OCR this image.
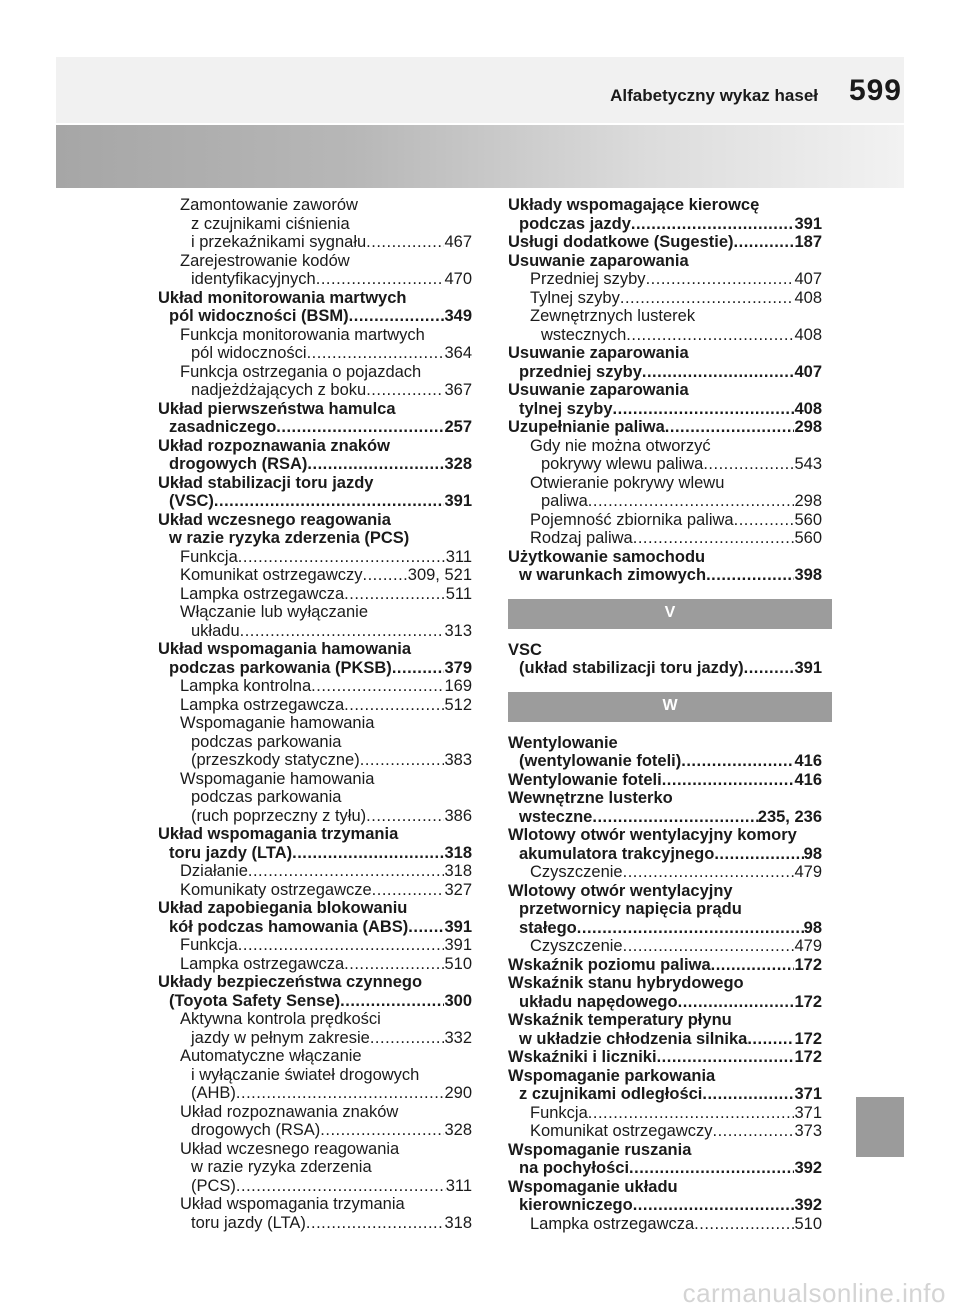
Alfabetyczny wykaz haseł 599
Zamontowanie zaworów
z czujnikami ciśnienia
i przekaźnikami sygnału .....	467
Zarejestrowanie kodów
identyfikacyjnych .....	470
Układ monitorowania martwych
pól widoczności (BSM) .....	349
Funkcja monitorowania martwych
pól widoczności .....	364
Funkcja ostrzegania o pojazdach
nadjeżdżających z boku .....	367
Układ pierwszeństwa hamulca
zasadniczego .....	257
Układ rozpoznawania znaków
drogowych (RSA) .....	328
Układ stabilizacji toru jazdy
(VSC) .....	391
Układ wczesnego reagowania
w razie ryzyka zderzenia (PCS)
Funkcja .....	311
Komunikat ostrzegawczy .....	309, 521
Lampka ostrzegawcza .....	511
Włączanie lub wyłączanie
układu .....	313
Układ wspomagania hamowania
podczas parkowania (PKSB) .....	379
Lampka kontrolna .....	169
Lampka ostrzegawcza .....	512
Wspomaganie hamowania
podczas parkowania
(przeszkody statyczne) .....	383
Wspomaganie hamowania
podczas parkowania
(ruch poprzeczny z tyłu) .....	386
Układ wspomagania trzymania
toru jazdy (LTA) .....	318
Działanie .....	318
Komunikaty ostrzegawcze .....	327
Układ zapobiegania blokowaniu
kół podczas hamowania (ABS) ..... 391
Funkcja .....	391
Lampka ostrzegawcza .....	510
Układy bezpieczeństwa czynnego
(Toyota Safety Sense) .....	300
Aktywna kontrola prędkości
jazdy w pełnym zakresie .....	332
Automatyczne włączanie
i wyłączanie świateł drogowych
(AHB) .....	290
Układ rozpoznawania znaków
drogowych (RSA) .....	328
Układ wczesnego reagowania
w razie ryzyka zderzenia
(PCS) .....	311
Układ wspomagania trzymania
toru jazdy (LTA) .....	318
Układy wspomagające kierowcę
podczas jazdy .....	391
Usługi dodatkowe (Sugestie) .....	187
Usuwanie zaparowania
Przedniej szyby .....	407
Tylnej szyby .....	408
Zewnętrznych lusterek
wstecznych .....	408
Usuwanie zaparowania
przedniej szyby .....	407
Usuwanie zaparowania
tylnej szyby .....	408
Uzupełnianie paliwa .....	298
Gdy nie można otworzyć
pokrywy wlewu paliwa .....	543
Otwieranie pokrywy wlewu
paliwa .....	298
Pojemność zbiornika paliwa .....	560
Rodzaj paliwa .....	560
Użytkowanie samochodu
w warunkach zimowych .....	398
V
VSC
(układ stabilizacji toru jazdy) .....	391
W
Wentylowanie
(wentylowanie foteli) .....	416
Wentylowanie foteli .....	416
Wewnętrzne lusterko
wsteczne .....	235, 236
Wlotowy otwór wentylacyjny komory
akumulatora trakcyjnego .....	98
Czyszczenie .....	479
Wlotowy otwór wentylacyjny
przetwornicy napięcia prądu
stałego .....	98
Czyszczenie .....	479
Wskaźnik poziomu paliwa .....	172
Wskaźnik stanu hybrydowego
układu napędowego .....	172
Wskaźnik temperatury płynu
w układzie chłodzenia silnika .....	172
Wskaźniki i liczniki .....	172
Wspomaganie parkowania
z czujnikami odległości .....	371
Funkcja .....	371
Komunikat ostrzegawczy .....	373
Wspomaganie ruszania
na pochyłości .....	392
Wspomaganie układu
kierowniczego .....	392
Lampka ostrzegawcza .....	510
carmanualsonline.info
